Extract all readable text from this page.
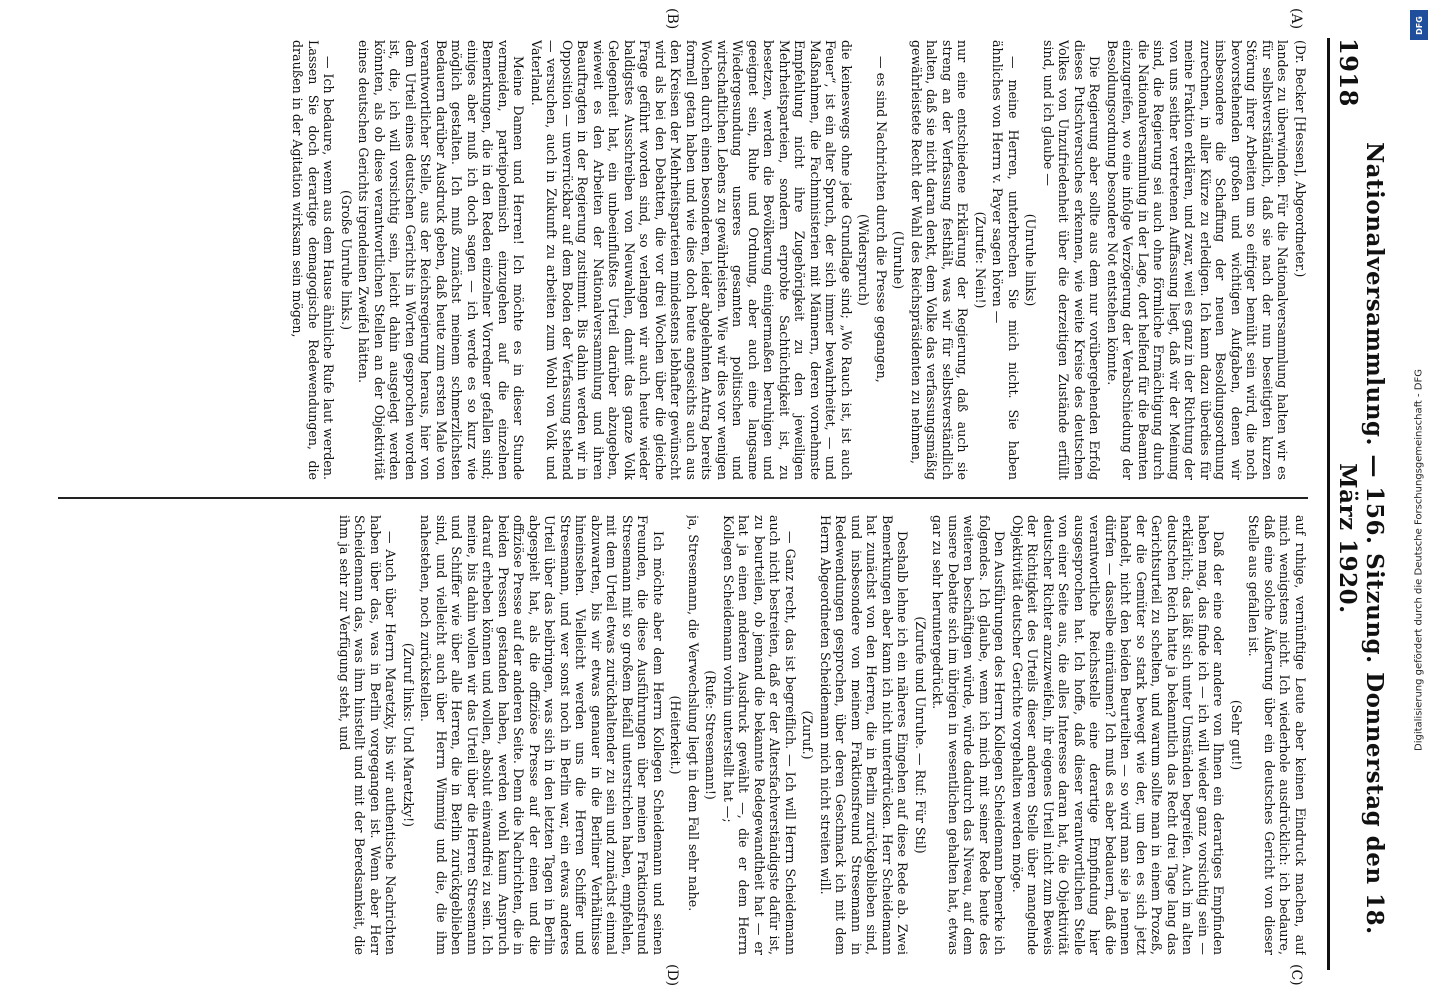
1918
Nationalversammlung. — 156. Sitzung. Donnerstag den 18. März 1920.
(A)
(B)
(C)
(D)

(Dr. Becker [Hessen], Abgeordneter.)

landes zu überwinden. Für die Nationalversammlung halten wir es für selbstverständlich, daß sie nach der nun beseitigten kurzen Störung ihrer Arbeiten um so eifriger bemüht sein wird, die noch bevorstehenden großen und wichtigen Aufgaben, denen wir insbesondere die Schaffung der neuen Besoldungsordnung zurechnen, in aller Kürze zu erledigen. Ich kann dazu überdies für meine Fraktion erklären, und zwar, weil es ganz in der Richtung der von uns seither vertretenen Auffassung liegt, daß wir der Meinung sind, die Regierung sei auch ohne förmliche Ermächtigung durch die Nationalversammlung in der Lage, dort helfend für die Beamten einzugreifen, wo eine infolge Verzögerung der Verabschiedung der Besoldungsordnung besondere Not entstehen könnte.

Die Regierung aber sollte aus dem nur vorübergehenden Erfolg dieses Putschversuches erkennen, wie weite Kreise des deutschen Volkes von Unzufriedenheit über die derzeitigen Zustände erfüllt sind, und ich glaube —

(Unruhe links)

— meine Herren, unterbrechen Sie mich nicht. Sie haben ähnliches von Herrn v. Payer sagen hören —

(Zurufe: Nein!)

nur eine entschiedene Erklärung der Regierung, daß auch sie streng an der Verfassung festhält, was wir für selbstverständlich halten, daß sie nicht daran denkt, dem Volke das verfassungsmäßig gewährleistete Recht der Wahl des Reichspräsidenten zu nehmen,

(Unruhe)

— es sind Nachrichten durch die Presse gegangen,

(Widerspruch)

die keineswegs ohne jede Grundlage sind; „Wo Rauch ist, ist auch Feuer“, ist ein alter Spruch, der sich immer bewahrheitet, — und Maßnahmen, die Fachministerien mit Männern, deren vornehmste Empfehlung nicht ihre Zugehörigkeit zu den jeweiligen Mehrheitsparteien, sondern erprobte Sachtüchtigkeit ist, zu besetzen, werden die Bevölkerung einigermaßen beruhigen und geeignet sein, Ruhe und Ordnung, aber auch eine langsame Wiedergesundung unseres gesamten politischen und wirtschaftlichen Lebens zu gewährleisten. Wie wir dies vor wenigen Wochen durch einen besonderen, leider abgelehnten Antrag bereits formell getan haben und wie dies doch heute angesichts auch aus den Kreisen der Mehrheitsparteien mindestens lebhafter gewünscht wird als bei den Debatten, die vor drei Wochen über die gleiche Frage geführt worden sind, so verlangen wir auch heute wieder baldigstes Ausschreiben von Neuwahlen, damit das ganze Volk Gelegenheit hat, ein unbeeinflußtes Urteil darüber abzugeben, wieweit es den Arbeiten der Nationalversammlung und ihren Beauftragten in der Regierung zustimmt. Bis dahin werden wir in Opposition — unverrückbar auf dem Boden der Verfassung stehend — versuchen, auch in Zukunft zu arbeiten zum Wohl von Volk und Vaterland.

Meine Damen und Herren! Ich möchte es in dieser Stunde vermeiden, parteipolemisch einzugehen auf die einzelnen Bemerkungen, die in den Reden einzelner Vorredner gefallen sind; einiges aber muß ich doch sagen — ich werde es so kurz wie möglich gestalten. Ich muß zunächst meinem schmerzlichsten Bedauern darüber Ausdruck geben, daß heute zum ersten Male von verantwortlicher Stelle, aus der Reichsregierung heraus, hier von dem Urteil eines deutschen Gerichts in Worten gesprochen worden ist, die, ich will vorsichtig sein, leicht dahin ausgelegt werden könnten, als ob diese verantwortlichen Stellen an der Objektivität eines deutschen Gerichts irgendeinen Zweifel hätten.

(Große Unruhe links.)

— Ich bedaure, wenn aus dem Hause ähnliche Rufe laut werden. Lassen Sie doch derartige demagogische Redewendungen, die draußen in der Agitation wirksam sein mögen,

auf ruhige, vernünftige Leute aber keinen Eindruck machen, auf mich wenigstens nicht. Ich wiederhole ausdrücklich: ich bedaure, daß eine solche Äußerung über ein deutsches Gericht von dieser Stelle aus gefallen ist.

(Sehr gut!)

Daß der eine oder andere von Ihnen ein derartiges Empfinden haben mag, das finde ich — ich will wieder ganz vorsichtig sein — erklärlich; das läßt sich unter Umständen begreifen. Auch im alten deutschen Reich hatte ja bekanntlich das Recht drei Tage lang das Gerichtsurteil zu schelten, und warum sollte man in einem Prozeß, der die Gemüter so stark bewegt wie der, um den es sich jetzt handelt, nicht den beiden Beurteilten — so wird man sie ja nennen dürfen — dasselbe einräumen? Ich muß es aber bedauern, daß die verantwortliche Reichsstelle eine derartige Empfindung hier ausgesprochen hat. Ich hoffe, daß dieser verantwortlichen Stelle von einer Seite aus, die alles Interesse daran hat, die Objektivität deutscher Richter anzuzweifeln, ihr eigenes Urteil nicht zum Beweis der Richtigkeit des Urteils dieser anderen Stelle über mangelnde Objektivität deutscher Gerichte vorgehalten werden möge.

Den Ausführungen des Herrn Kollegen Scheidemann bemerke ich folgendes. Ich glaube, wenn ich mich mit seiner Rede heute des weiteren beschäftigen würde, würde dadurch das Niveau, auf dem unsere Debatte sich im übrigen in wesentlichen gehalten hat, etwas gar zu sehr heruntergedrückt.

(Zurufe und Unruhe. — Ruf: Für Stil)

Deshalb lehne ich ein näheres Eingehen auf diese Rede ab. Zwei Bemerkungen aber kann ich nicht unterdrücken. Herr Scheidemann hat zunächst von den Herren, die in Berlin zurückgeblieben sind, und insbesondere von meinem Fraktionsfreund Stresemann in Redewendungen gesprochen, über deren Geschmack ich mit dem Herrn Abgeordneten Scheidemann mich nicht streiten will.

(Zuruf.)

— Ganz recht, das ist begreiflich. — Ich will Herrn Scheidemann auch nicht bestreiten, daß er der Altersfachverständigste dafür ist, zu beurteilen, ob jemand die bekannte Redegewandtheit hat — er hat ja einen anderen Ausdruck gewählt —, die er dem Herrn Kollegen Scheidemann vorhin unterstellt hat —;

(Rufe: Stresemann!)

ja, Stresemann, die Verwechslung liegt in dem Fall sehr nahe.

(Heiterkeit.)

Ich möchte aber dem Herrn Kollegen Scheidemann und seinen Freunden, die diese Ausführungen über meinen Fraktionsfreund Stresemann mit so großem Beifall unterstrichen haben, empfehlen, mit dem Urteil etwas zurückhaltender zu sein und zunächst einmal abzuwarten, bis wir etwas genauer in die Berliner Verhältnisse hineinsehen. Vielleicht werden uns die Herren Schiffer und Stresemann, und wer sonst noch in Berlin war, ein etwas anderes Urteil über das beibringen, was sich in den letzten Tagen in Berlin abgespielt hat, als die offiziöse Presse auf der einen und die offiziöse Presse auf der anderen Seite. Denn die Nachrichten, die in beiden Pressen gestanden haben, werden wohl kaum Anspruch darauf erheben können und wollen, absolut einwandfrei zu sein. Ich meine, bis dahin wollen wir das Urteil über die Herren Stresemann und Schiffer wie über alle Herren, die in Berlin zurückgeblieben sind, und vielleicht auch über Herrn Wimmig und die, die ihm nahestehen, noch zurückstellen.

(Zuruf links: Und Maretzky!)

— Auch über Herrn Maretzky, bis wir authentische Nachrichten haben über das, was in Berlin vorgegangen ist. Wenn aber Herr Scheidemann das, was ihm hinstellt und mit der Beredsamkeit, die ihm ja sehr zur Verfügung steht, und

DFG
Digitalisierung gefördert durch die Deutsche Forschungsgemeinschaft - DFG
